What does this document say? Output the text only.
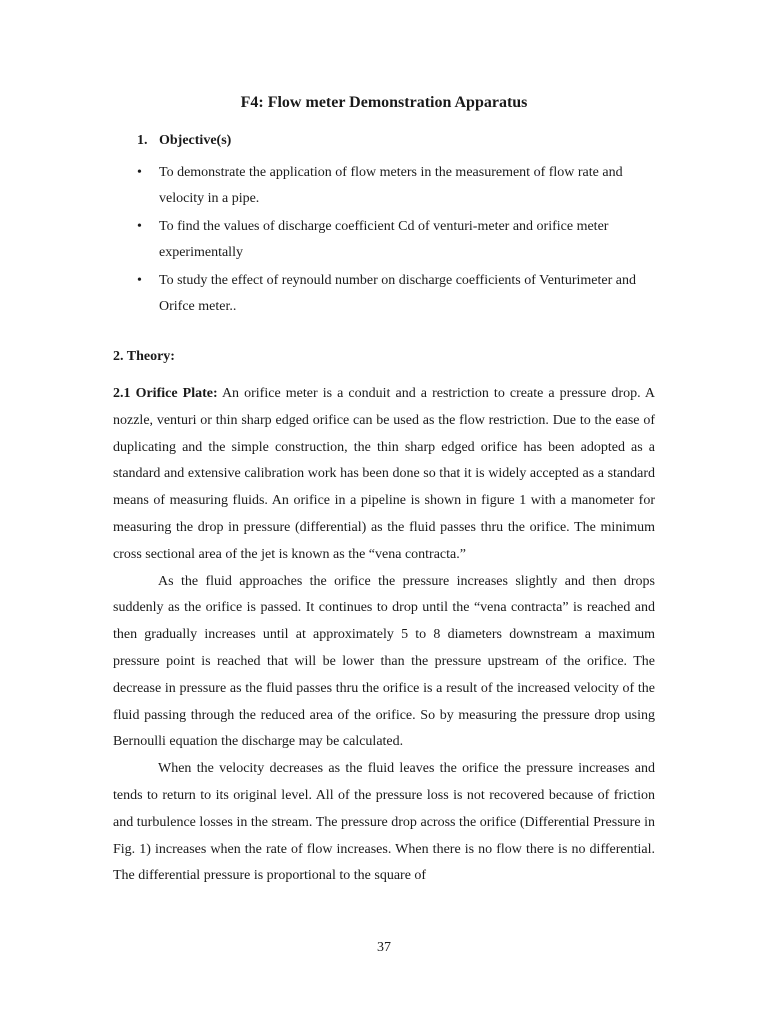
F4: Flow meter Demonstration Apparatus
1. Objective(s)
• To demonstrate the application of flow meters in the measurement of flow rate and velocity in a pipe.
• To find the values of discharge coefficient Cd of venturi-meter and orifice meter experimentally
• To study the effect of reynould number on discharge coefficients of Venturimeter and Orifce meter..
2. Theory:

2.1 Orifice Plate: An orifice meter is a conduit and a restriction to create a pressure drop. A nozzle, venturi or thin sharp edged orifice can be used as the flow restriction. Due to the ease of duplicating and the simple construction, the thin sharp edged orifice has been adopted as a standard and extensive calibration work has been done so that it is widely accepted as a standard means of measuring fluids. An orifice in a pipeline is shown in figure 1 with a manometer for measuring the drop in pressure (differential) as the fluid passes thru the orifice. The minimum cross sectional area of the jet is known as the “vena contracta.”

As the fluid approaches the orifice the pressure increases slightly and then drops suddenly as the orifice is passed. It continues to drop until the “vena contracta” is reached and then gradually increases until at approximately 5 to 8 diameters downstream a maximum pressure point is reached that will be lower than the pressure upstream of the orifice. The decrease in pressure as the fluid passes thru the orifice is a result of the increased velocity of the fluid passing through the reduced area of the orifice. So by measuring the pressure drop using Bernoulli equation the discharge may be calculated.

When the velocity decreases as the fluid leaves the orifice the pressure increases and tends to return to its original level. All of the pressure loss is not recovered because of friction and turbulence losses in the stream. The pressure drop across the orifice (Differential Pressure in Fig. 1) increases when the rate of flow increases. When there is no flow there is no differential. The differential pressure is proportional to the square of

37
